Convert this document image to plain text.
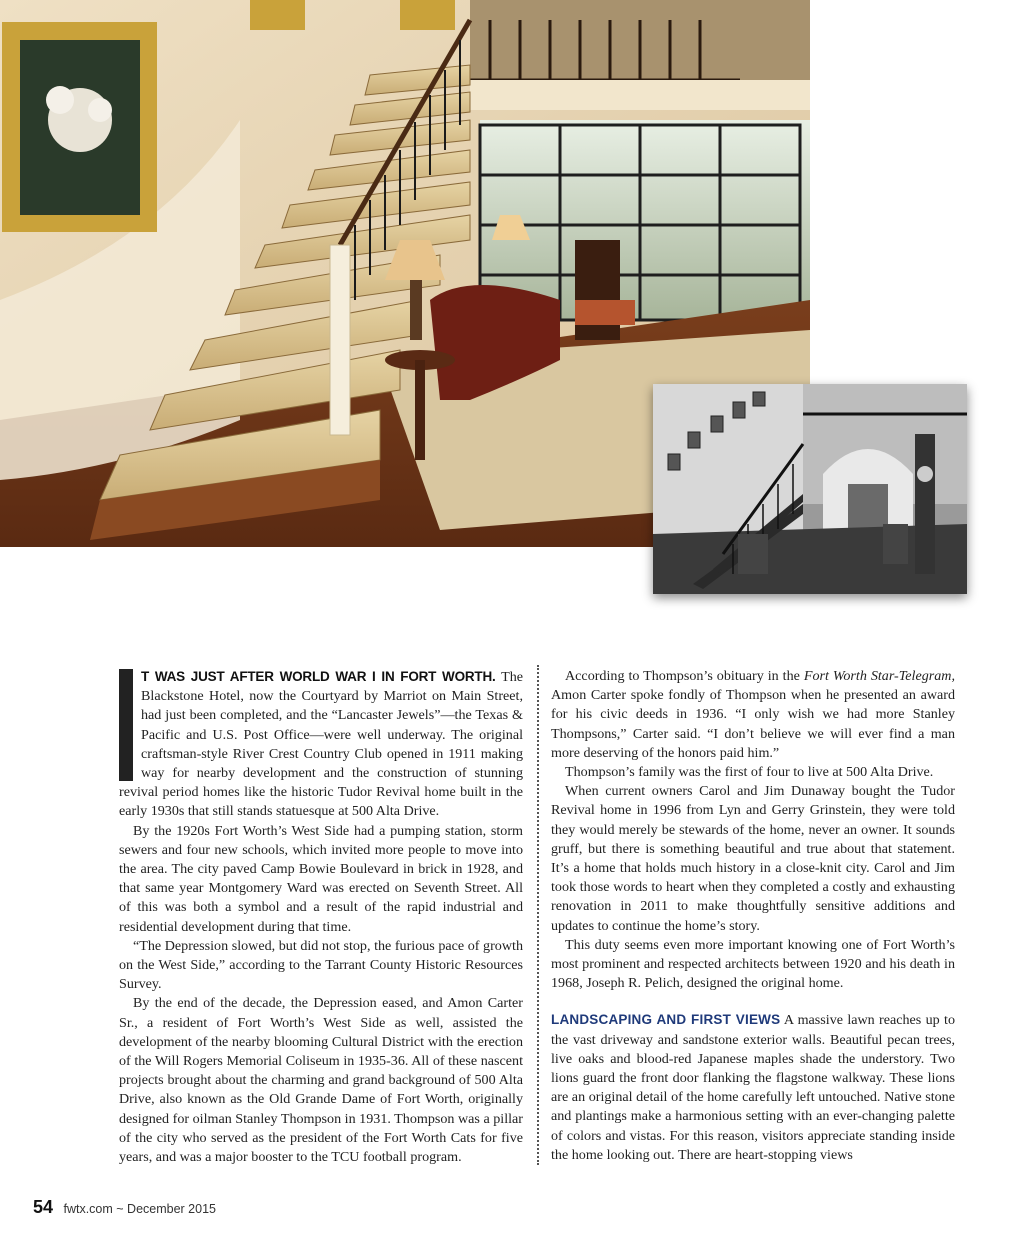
I	T WAS JUST AFTER WORLD WAR I IN FORT WORTH. The Blackstone Hotel, now the Courtyard by Marriot on Main Street, had just been completed, and the “Lancaster Jewels”—the Texas & Pacific and U.S. Post Office—were well underway. The original craftsman-style River Crest Country Club opened in 1911 making way for nearby development and the construction of stunning revival period homes like the historic Tudor Revival home built in the early 1930s that still stands statuesque at 500 Alta Drive.

By the 1920s Fort Worth’s West Side had a pumping station, storm sewers and four new schools, which invited more people to move into the area. The city paved Camp Bowie Boulevard in brick in 1928, and that same year Montgomery Ward was erected on Seventh Street. All of this was both a symbol and a result of the rapid industrial and residential development during that time.

“The Depression slowed, but did not stop, the furious pace of growth on the West Side,” according to the Tarrant County Historic Resources Survey.

By the end of the decade, the Depression eased, and Amon Carter Sr., a resident of Fort Worth’s West Side as well, assisted the development of the nearby blooming Cultural District with the erection of the Will Rogers Memorial Coliseum in 1935-36. All of these nascent projects brought about the charming and grand background of 500 Alta Drive, also known as the Old Grande Dame of Fort Worth, originally designed for oilman Stanley Thompson in 1931. Thompson was a pillar of the city who served as the president of the Fort Worth Cats for five years, and was a major booster to the TCU football program.

According to Thompson’s obituary in the Fort Worth Star-Telegram, Amon Carter spoke fondly of Thompson when he presented an award for his civic deeds in 1936. “I only wish we had more Stanley Thompsons,” Carter said. “I don’t believe we will ever find a man more deserving of the honors paid him.”

Thompson’s family was the first of four to live at 500 Alta Drive.

When current owners Carol and Jim Dunaway bought the Tudor Revival home in 1996 from Lyn and Gerry Grinstein, they were told they would merely be stewards of the home, never an owner. It sounds gruff, but there is something beautiful and true about that statement. It’s a home that holds much history in a close-knit city. Carol and Jim took those words to heart when they completed a costly and exhausting renovation in 2011 to make thoughtfully sensitive additions and updates to continue the home’s story.

This duty seems even more important knowing one of Fort Worth’s most prominent and respected architects between 1920 and his death in 1968, Joseph R. Pelich, designed the original home.

LANDSCAPING AND FIRST VIEWS A massive lawn reaches up to the vast driveway and sandstone exterior walls. Beautiful pecan trees, live oaks and blood-red Japanese maples shade the understory. Two lions guard the front door flanking the flagstone walkway. These lions are an original detail of the home carefully left untouched. Native stone and plantings make a harmonious setting with an ever-changing palette of colors and vistas. For this reason, visitors appreciate standing inside the home looking out. There are heart-stopping views

54 fwtx.com ~ December 2015
